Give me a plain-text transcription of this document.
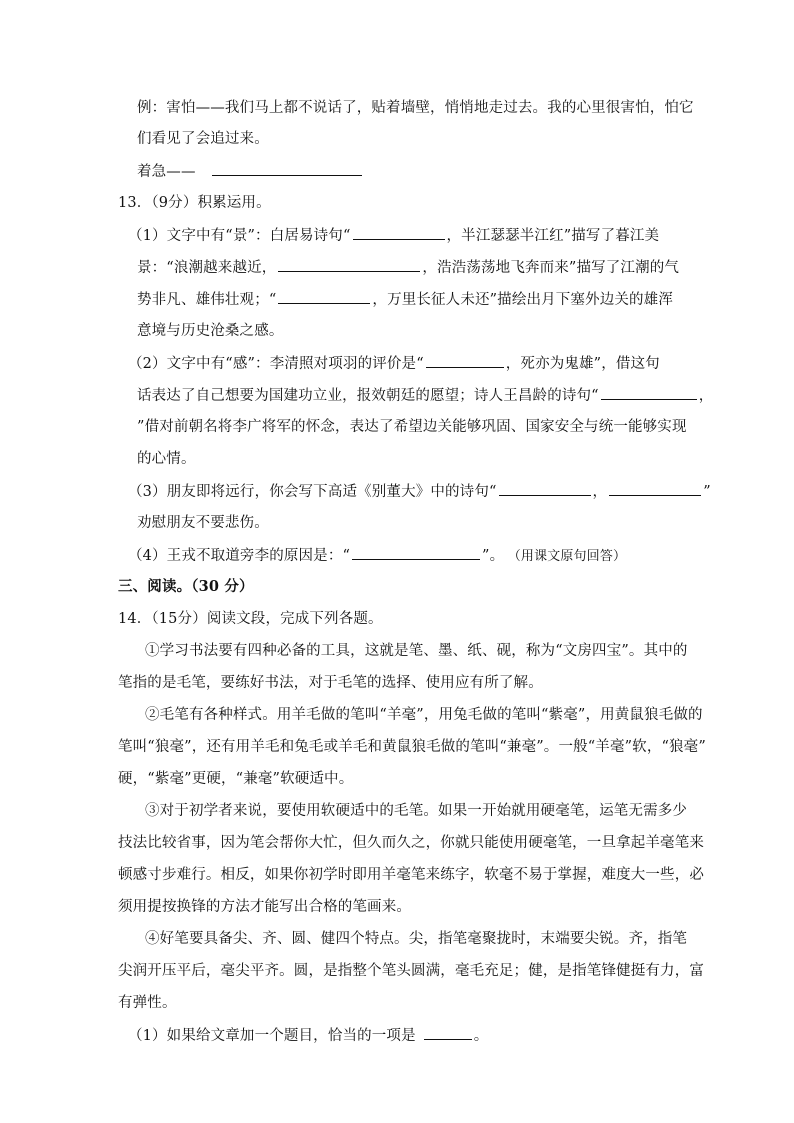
例：害怕——我们马上都不说话了，贴着墙壁，悄悄地走过去。我的心里很害怕，怕它
们看见了会追过来。
着急——
13．（9分）积累运用。
（1）文字中有“景”：白居易诗句“	，半江瑟瑟半江红”描写了暮江美
景：“浪潮越来越近，	，浩浩荡荡地飞奔而来”描写了江潮的气
势非凡、雄伟壮观；“	，万里长征人未还”描绘出月下塞外边关的雄浑
意境与历史沧桑之感。
（2）文字中有“感”：李清照对项羽的评价是“	，死亦为鬼雄”，借这句
话表达了自己想要为国建功立业，报效朝廷的愿望；诗人王昌龄的诗句“	，
”借对前朝名将李广将军的怀念，表达了希望边关能够巩固、国家安全与统一能够实现
的心情。
（3）朋友即将远行，你会写下高适《别董大》中的诗句“	，	”
劝慰朋友不要悲伤。
（4）王戎不取道旁李的原因是：“	”。 （用课文原句回答）
三、阅读。（30 分）
14．（15分）阅读文段，完成下列各题。
①学习书法要有四种必备的工具，这就是笔、墨、纸、砚，称为“文房四宝”。其中的
笔指的是毛笔，要练好书法，对于毛笔的选择、使用应有所了解。
②毛笔有各种样式。用羊毛做的笔叫“羊毫”，用兔毛做的笔叫“紫毫”，用黄鼠狼毛做的
笔叫“狼毫”，还有用羊毛和兔毛或羊毛和黄鼠狼毛做的笔叫“兼毫”。一般“羊毫”软，“狼毫”
硬，“紫毫”更硬，“兼毫”软硬适中。
③对于初学者来说，要使用软硬适中的毛笔。如果一开始就用硬毫笔，运笔无需多少
技法比较省事，因为笔会帮你大忙，但久而久之，你就只能使用硬毫笔，一旦拿起羊毫笔来
顿感寸步难行。相反，如果你初学时即用羊毫笔来练字，软毫不易于掌握，难度大一些，必
须用提按换锋的方法才能写出合格的笔画来。
④好笔要具备尖、齐、圆、健四个特点。尖，指笔毫聚拢时，末端要尖锐。齐，指笔
尖润开压平后，毫尖平齐。圆，是指整个笔头圆满，毫毛充足；健，是指笔锋健挺有力，富
有弹性。
（1）如果给文章加一个题目，恰当的一项是	。
